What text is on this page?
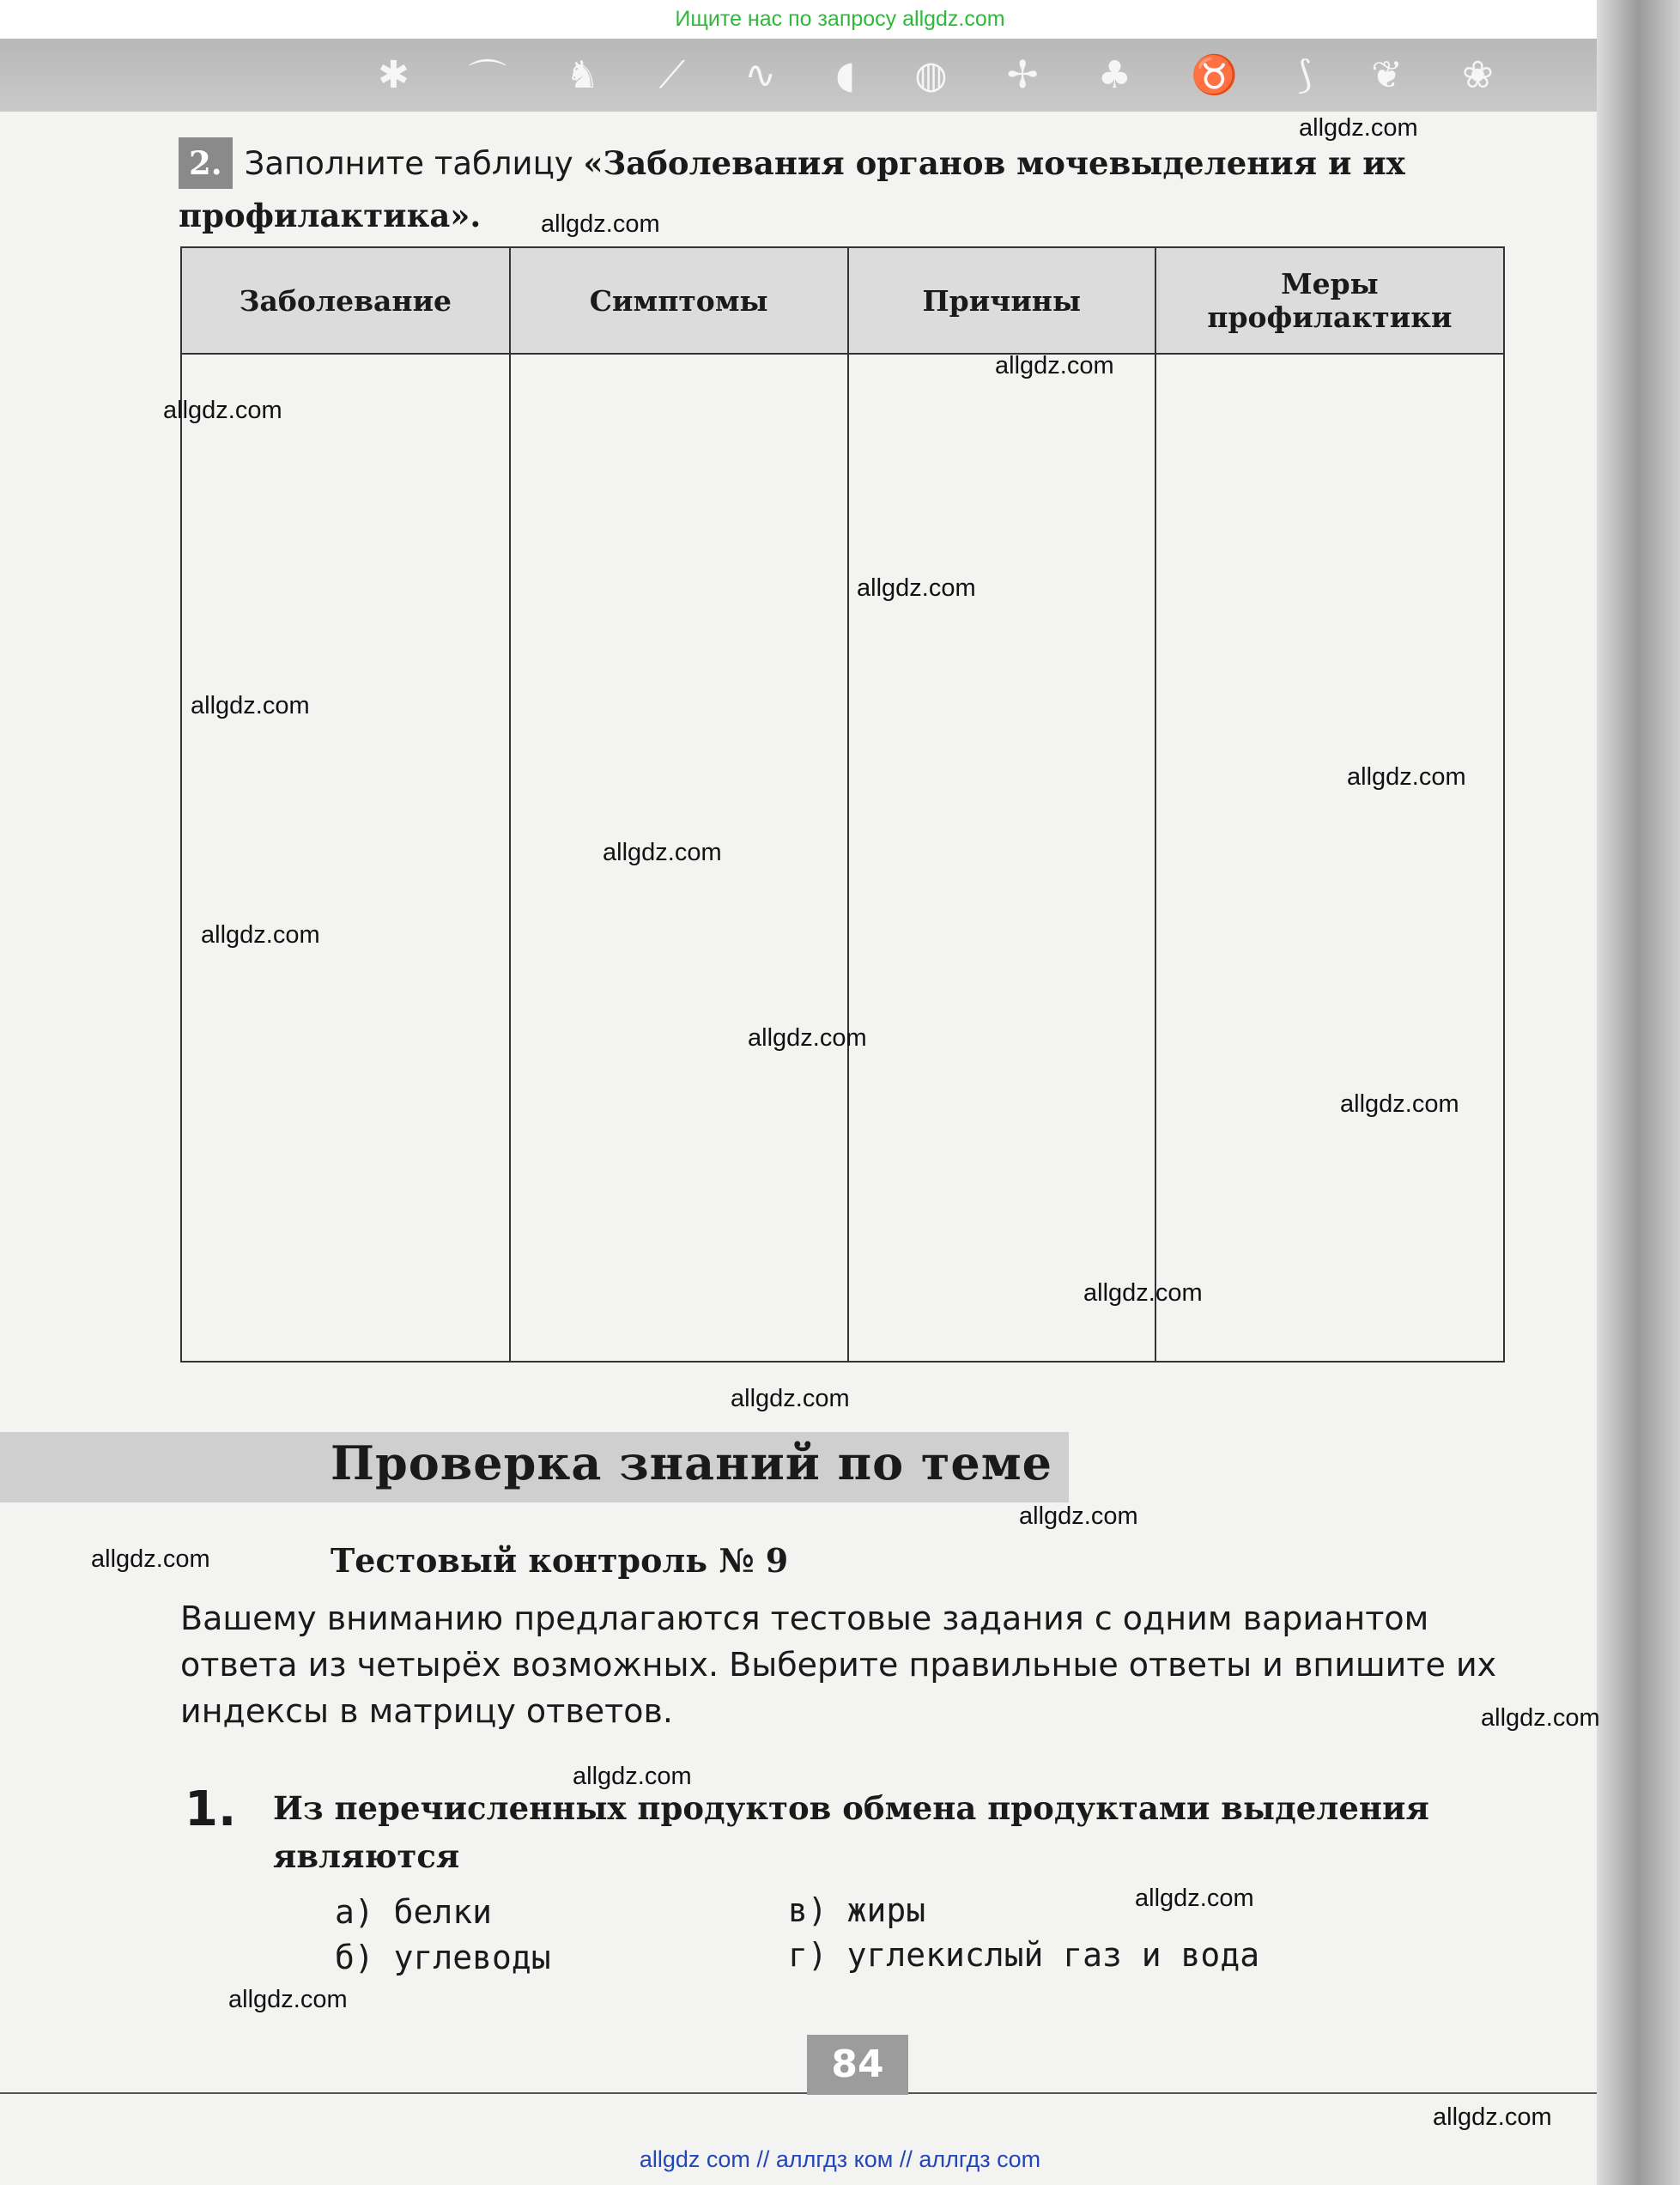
Ищите нас по запросу allgdz.com
✱ ⌒ ♞ ⟋ ∿ ◖ ◍ ✢ ♣ ♉ ⟆ ❦ ❀
2. Заполните таблицу «Заболевания органов мочевыделения и их профилактика».
Заболевание	Симптомы	Причины	Меры профилактики

Проверка знаний по теме
Тестовый контроль № 9
Вашему вниманию предлагаются тестовые задания с одним вариантом ответа из четырёх возможных. Выберите правильные ответы и впишите их индексы в матрицу ответов.
1. Из перечисленных продуктов обмена продуктами выделения являются
а) белки
б) углеводы
в) жиры
г) углекислый газ и вода
84
allgdz.com
allgdz.com
allgdz.com
allgdz.com
allgdz.com
allgdz.com
allgdz.com
allgdz.com
allgdz.com
allgdz.com
allgdz.com
allgdz.com
allgdz.com
allgdz.com
allgdz.com
allgdz.com
allgdz.com
allgdz.com
allgdz.com
allgdz.com
allgdz com // аллгдз ком // аллгдз com
